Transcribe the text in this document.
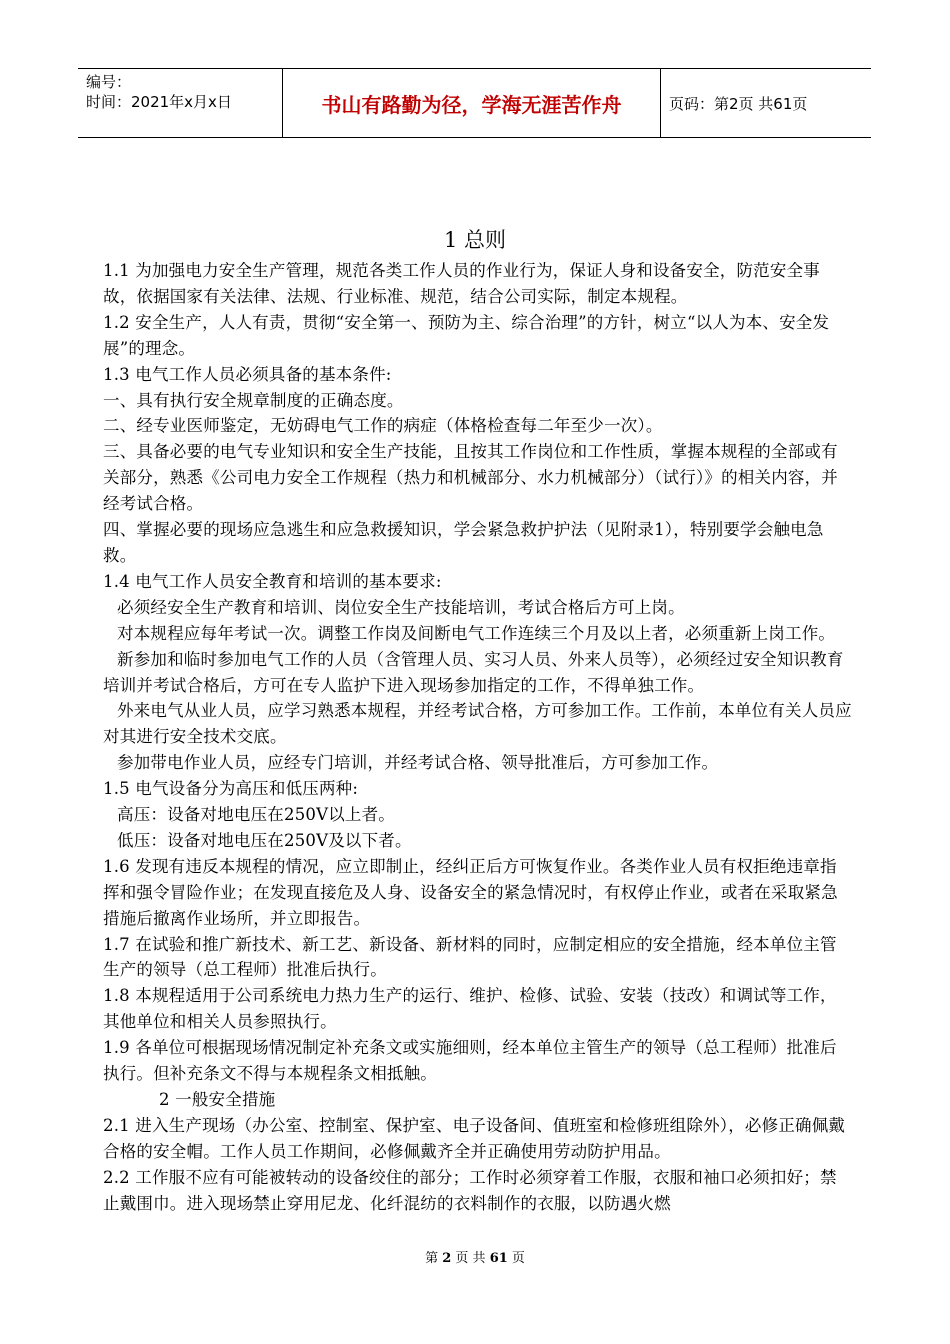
编号：
时间：2021年x月x日	书山有路勤为径，学海无涯苦作舟	页码：第2页 共61页
1 总则

1.1 为加强电力安全生产管理，规范各类工作人员的作业行为，保证人身和设备安全，防范安全事故，依据国家有关法律、法规、行业标准、规范，结合公司实际，制定本规程。

1.2 安全生产，人人有责，贯彻“安全第一、预防为主、综合治理”的方针，树立“以人为本、安全发展”的理念。

1.3 电气工作人员必须具备的基本条件:

一、具有执行安全规章制度的正确态度。

二、经专业医师鉴定，无妨碍电气工作的病症（体格检查每二年至少一次）。

三、具备必要的电气专业知识和安全生产技能，且按其工作岗位和工作性质，掌握本规程的全部或有关部分，熟悉《公司电力安全工作规程（热力和机械部分、水力机械部分）（试行）》的相关内容，并经考试合格。

四、掌握必要的现场应急逃生和应急救援知识，学会紧急救护护法（见附录1），特别要学会触电急救。

1.4 电气工作人员安全教育和培训的基本要求:

必须经安全生产教育和培训、岗位安全生产技能培训，考试合格后方可上岗。

对本规程应每年考试一次。调整工作岗及间断电气工作连续三个月及以上者，必须重新上岗工作。

新参加和临时参加电气工作的人员（含管理人员、实习人员、外来人员等），必须经过安全知识教育培训并考试合格后，方可在专人监护下进入现场参加指定的工作，不得单独工作。

外来电气从业人员，应学习熟悉本规程，并经考试合格，方可参加工作。工作前，本单位有关人员应对其进行安全技术交底。

参加带电作业人员，应经专门培训，并经考试合格、领导批准后，方可参加工作。

1.5 电气设备分为高压和低压两种:

高压：设备对地电压在250V以上者。

低压：设备对地电压在250V及以下者。

1.6 发现有违反本规程的情况，应立即制止，经纠正后方可恢复作业。各类作业人员有权拒绝违章指挥和强令冒险作业；在发现直接危及人身、设备安全的紧急情况时，有权停止作业，或者在采取紧急措施后撤离作业场所，并立即报告。

1.7 在试验和推广新技术、新工艺、新设备、新材料的同时，应制定相应的安全措施，经本单位主管生产的领导（总工程师）批准后执行。

1.8 本规程适用于公司系统电力热力生产的运行、维护、检修、试验、安装（技改）和调试等工作，其他单位和相关人员参照执行。

1.9 各单位可根据现场情况制定补充条文或实施细则，经本单位主管生产的领导（总工程师）批准后执行。但补充条文不得与本规程条文相抵触。

2 一般安全措施

2.1 进入生产现场（办公室、控制室、保护室、电子设备间、值班室和检修班组除外），必修正确佩戴合格的安全帽。工作人员工作期间，必修佩戴齐全并正确使用劳动防护用品。

2.2 工作服不应有可能被转动的设备绞住的部分；工作时必须穿着工作服，衣服和袖口必须扣好；禁止戴围巾。进入现场禁止穿用尼龙、化纤混纺的衣料制作的衣服，以防遇火燃

第 2 页 共 61 页
